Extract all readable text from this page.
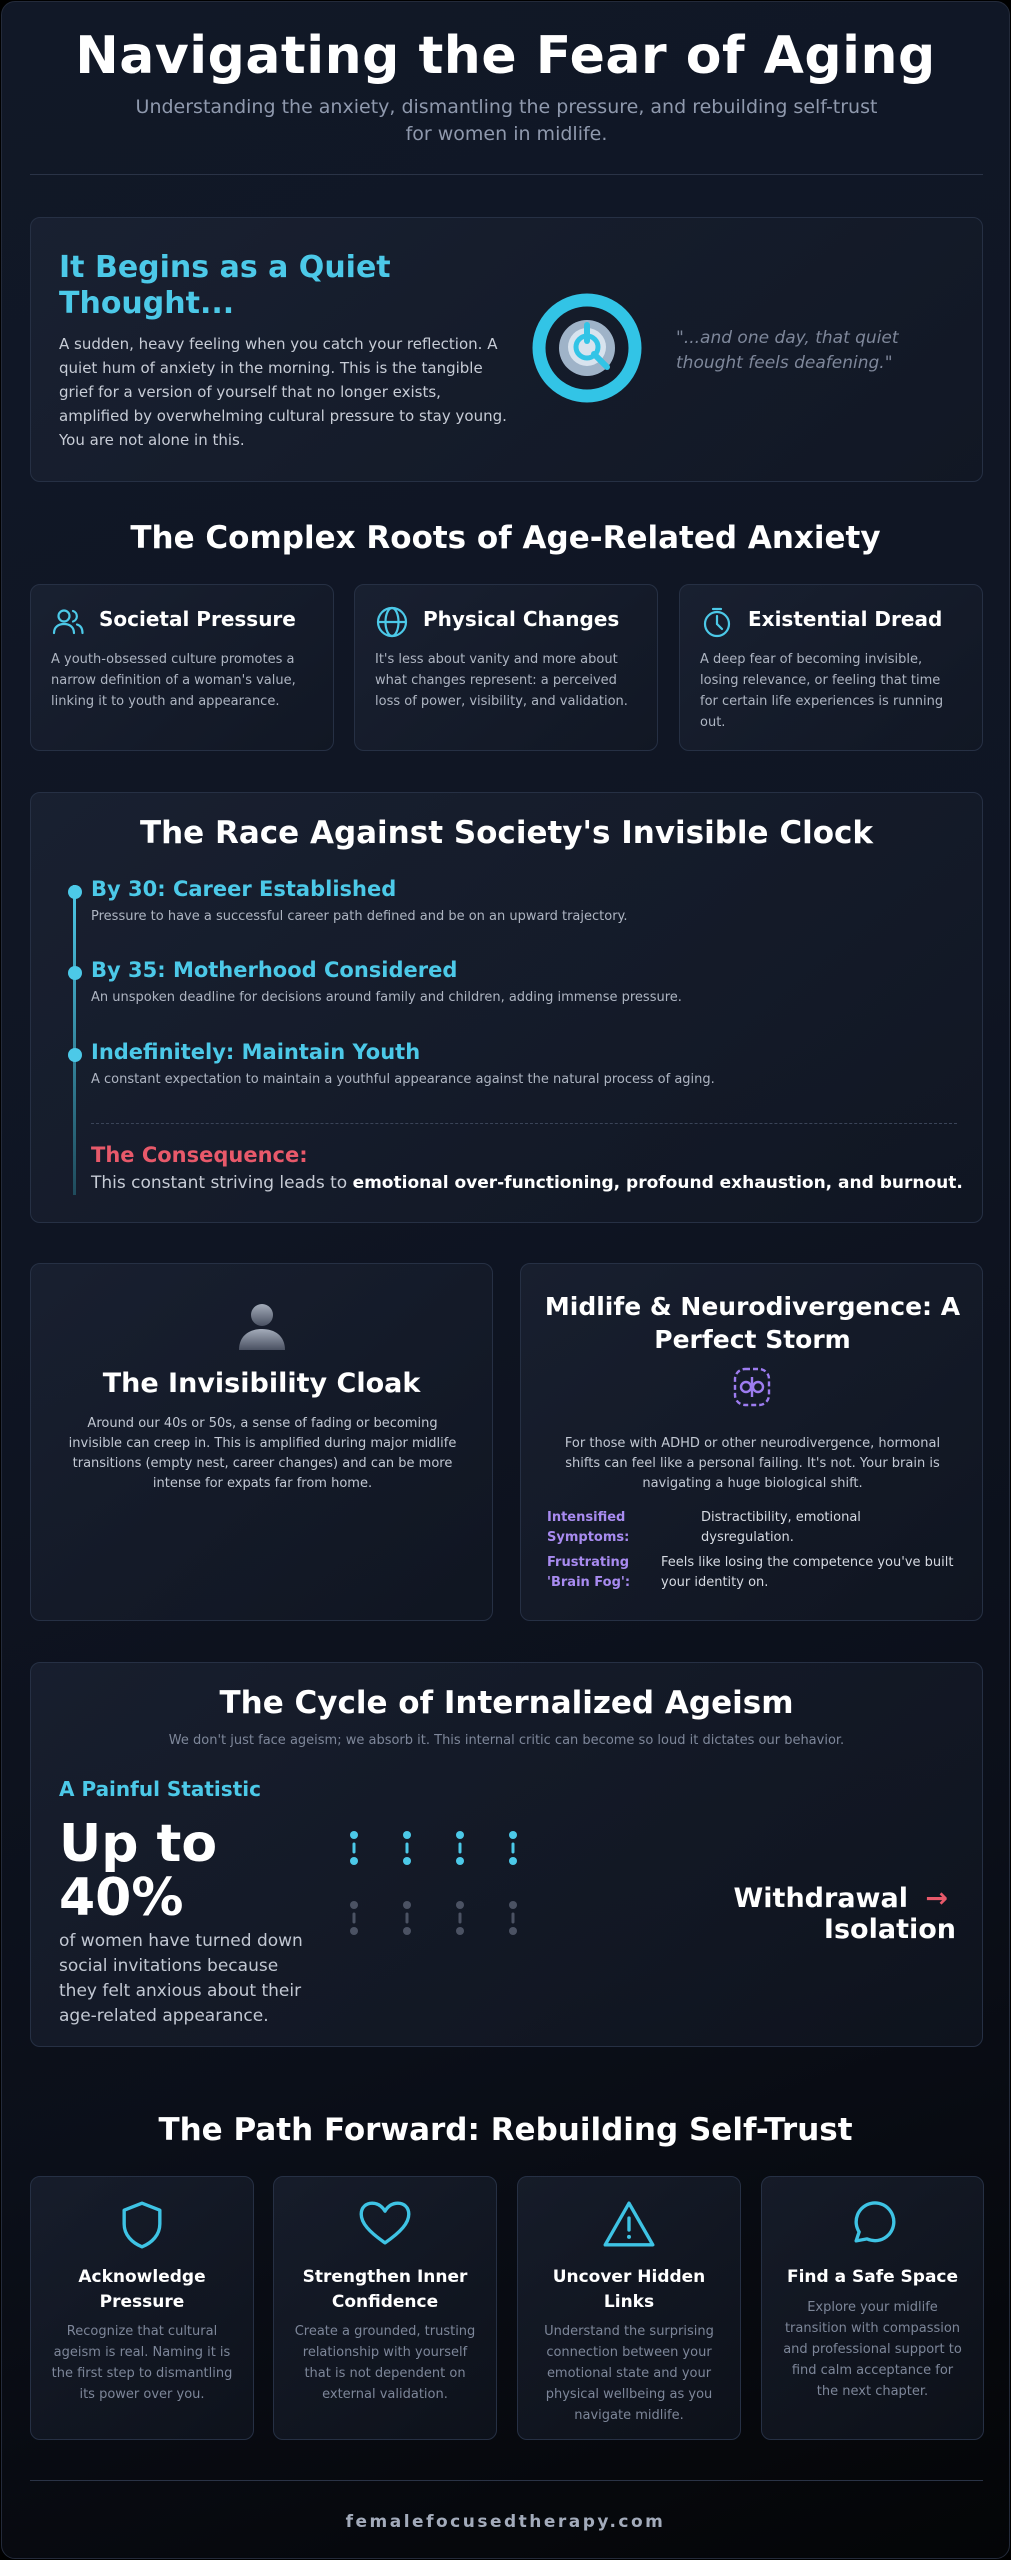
Navigating the Fear of Aging
Understanding the anxiety, dismantling the pressure, and rebuilding self-trust for women in midlife.
It Begins as a Quiet Thought...
A sudden, heavy feeling when you catch your reflection. A quiet hum of anxiety in the morning. This is the tangible grief for a version of yourself that no longer exists, amplified by overwhelming cultural pressure to stay young. You are not alone in this.
"...and one day, that quiet thought feels deafening."
The Complex Roots of Age-Related Anxiety
Societal Pressure
A youth-obsessed culture promotes a narrow definition of a woman's value, linking it to youth and appearance.
Physical Changes
It's less about vanity and more about what changes represent: a perceived loss of power, visibility, and validation.
Existential Dread
A deep fear of becoming invisible, losing relevance, or feeling that time for certain life experiences is running out.
The Race Against Society's Invisible Clock
By 30: Career Established
Pressure to have a successful career path defined and be on an upward trajectory.
By 35: Motherhood Considered
An unspoken deadline for decisions around family and children, adding immense pressure.
Indefinitely: Maintain Youth
A constant expectation to maintain a youthful appearance against the natural process of aging.
The Consequence:
This constant striving leads to emotional over-functioning, profound exhaustion, and burnout.
The Invisibility Cloak
Around our 40s or 50s, a sense of fading or becoming invisible can creep in. This is amplified during major midlife transitions (empty nest, career changes) and can be more intense for expats far from home.
Midlife & Neurodivergence: A Perfect Storm
For those with ADHD or other neurodivergence, hormonal shifts can feel like a personal failing. It's not. Your brain is navigating a huge biological shift.
Intensified Symptoms:
Distractibility, emotional dysregulation.
Frustrating 'Brain Fog':
Feels like losing the competence you've built your identity on.
The Cycle of Internalized Ageism
We don't just face ageism; we absorb it. This internal critic can become so loud it dictates our behavior.
A Painful Statistic
Up to 40%
of women have turned down social invitations because they felt anxious about their age-related appearance.
Withdrawal → Isolation
The Path Forward: Rebuilding Self-Trust
Acknowledge Pressure
Recognize that cultural ageism is real. Naming it is the first step to dismantling its power over you.
Strengthen Inner Confidence
Create a grounded, trusting relationship with yourself that is not dependent on external validation.
Uncover Hidden Links
Understand the surprising connection between your emotional state and your physical wellbeing as you navigate midlife.
Find a Safe Space
Explore your midlife transition with compassion and professional support to find calm acceptance for the next chapter.
femalefocusedtherapy.com
